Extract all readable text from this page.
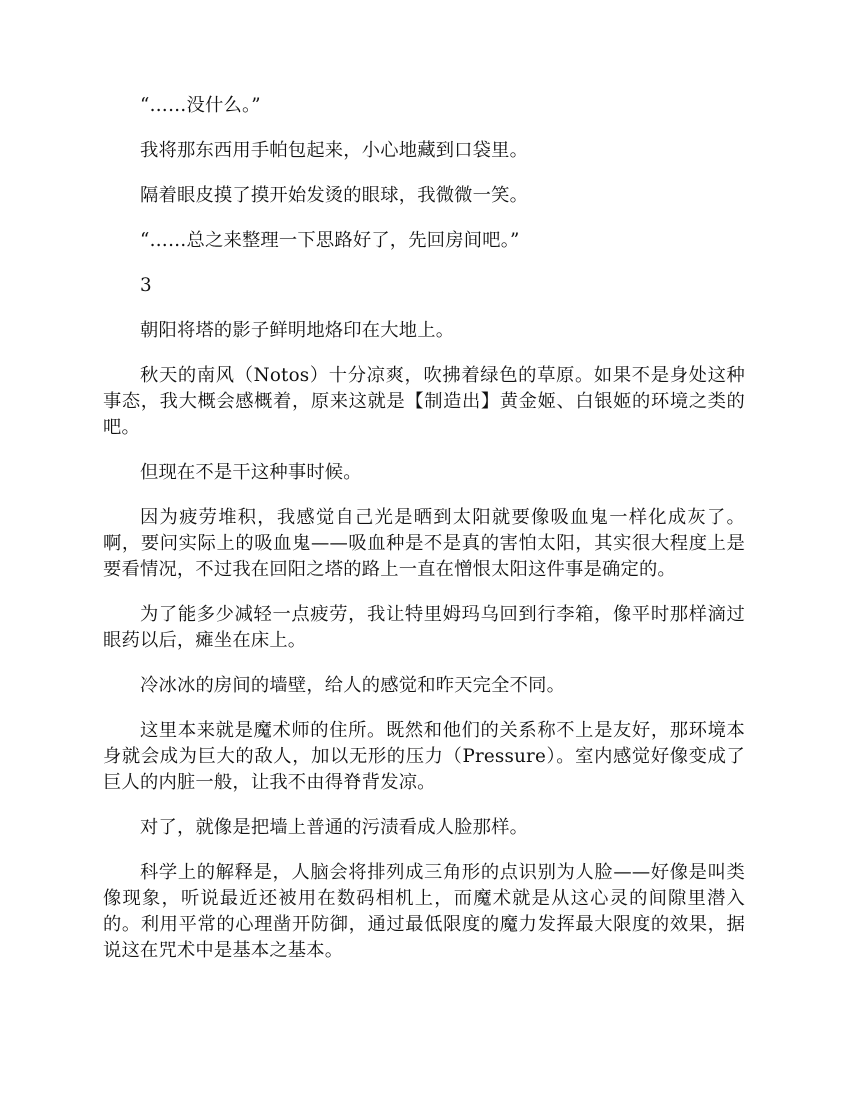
“……没什么。”

我将那东西用手帕包起来，小心地藏到口袋里。

隔着眼皮摸了摸开始发烫的眼球，我微微一笑。

“……总之来整理一下思路好了，先回房间吧。”

3

朝阳将塔的影子鲜明地烙印在大地上。

秋天的南风（Notos）十分凉爽，吹拂着绿色的草原。如果不是身处这种事态，我大概会感概着，原来这就是【制造出】黄金姬、白银姬的环境之类的吧。

但现在不是干这种事时候。

因为疲劳堆积，我感觉自己光是晒到太阳就要像吸血鬼一样化成灰了。啊，要问实际上的吸血鬼——吸血种是不是真的害怕太阳，其实很大程度上是要看情况，不过我在回阳之塔的路上一直在憎恨太阳这件事是确定的。

为了能多少减轻一点疲劳，我让特里姆玛乌回到行李箱，像平时那样滴过眼药以后，瘫坐在床上。

冷冰冰的房间的墙壁，给人的感觉和昨天完全不同。

这里本来就是魔术师的住所。既然和他们的关系称不上是友好，那环境本身就会成为巨大的敌人，加以无形的压力（Pressure）。室内感觉好像变成了巨人的内脏一般，让我不由得脊背发凉。

对了，就像是把墙上普通的污渍看成人脸那样。

科学上的解释是，人脑会将排列成三角形的点识别为人脸——好像是叫类像现象，听说最近还被用在数码相机上，而魔术就是从这心灵的间隙里潜入的。利用平常的心理凿开防御，通过最低限度的魔力发挥最大限度的效果，据说这在咒术中是基本之基本。
